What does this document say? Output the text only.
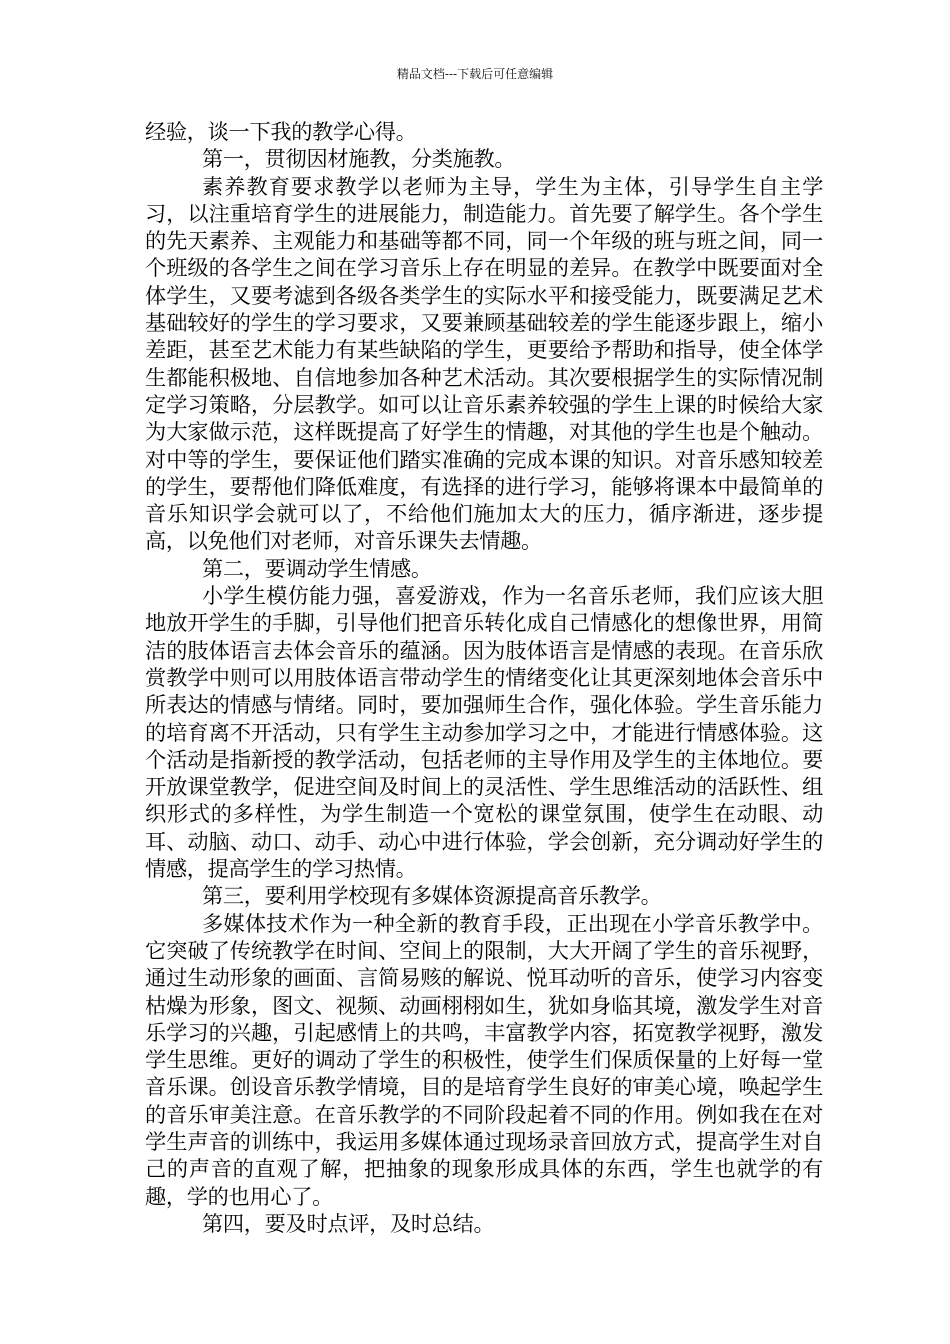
精品文档---下载后可任意编辑

经验，谈一下我的教学心得。

第一，贯彻因材施教，分类施教。

素养教育要求教学以老师为主导，学生为主体，引导学生自主学习，以注重培育学生的进展能力，制造能力。首先要了解学生。各个学生的先天素养、主观能力和基础等都不同，同一个年级的班与班之间，同一个班级的各学生之间在学习音乐上存在明显的差异。在教学中既要面对全体学生，又要考滤到各级各类学生的实际水平和接受能力，既要满足艺术基础较好的学生的学习要求，又要兼顾基础较差的学生能逐步跟上，缩小差距，甚至艺术能力有某些缺陷的学生，更要给予帮助和指导，使全体学生都能积极地、自信地参加各种艺术活动。其次要根据学生的实际情况制定学习策略，分层教学。如可以让音乐素养较强的学生上课的时候给大家为大家做示范，这样既提高了好学生的情趣，对其他的学生也是个触动。对中等的学生，要保证他们踏实准确的完成本课的知识。对音乐感知较差的学生，要帮他们降低难度，有选择的进行学习，能够将课本中最简单的音乐知识学会就可以了，不给他们施加太大的压力，循序渐进，逐步提高，以免他们对老师，对音乐课失去情趣。

第二，要调动学生情感。

小学生模仿能力强，喜爱游戏，作为一名音乐老师，我们应该大胆地放开学生的手脚，引导他们把音乐转化成自己情感化的想像世界，用简洁的肢体语言去体会音乐的蕴涵。因为肢体语言是情感的表现。在音乐欣赏教学中则可以用肢体语言带动学生的情绪变化让其更深刻地体会音乐中所表达的情感与情绪。同时，要加强师生合作，强化体验。学生音乐能力的培育离不开活动，只有学生主动参加学习之中，才能进行情感体验。这个活动是指新授的教学活动，包括老师的主导作用及学生的主体地位。要开放课堂教学，促进空间及时间上的灵活性、学生思维活动的活跃性、组织形式的多样性，为学生制造一个宽松的课堂氛围，使学生在动眼、动耳、动脑、动口、动手、动心中进行体验，学会创新，充分调动好学生的情感，提高学生的学习热情。

第三，要利用学校现有多媒体资源提高音乐教学。

多媒体技术作为一种全新的教育手段，正出现在小学音乐教学中。它突破了传统教学在时间、空间上的限制，大大开阔了学生的音乐视野，通过生动形象的画面、言简易赅的解说、悦耳动听的音乐，使学习内容变枯燥为形象，图文、视频、动画栩栩如生，犹如身临其境，激发学生对音乐学习的兴趣，引起感情上的共鸣，丰富教学内容，拓宽教学视野，激发学生思维。更好的调动了学生的积极性，使学生们保质保量的上好每一堂音乐课。创设音乐教学情境，目的是培育学生良好的审美心境，唤起学生的音乐审美注意。在音乐教学的不同阶段起着不同的作用。例如我在在对学生声音的训练中，我运用多媒体通过现场录音回放方式，提高学生对自己的声音的直观了解，把抽象的现象形成具体的东西，学生也就学的有趣，学的也用心了。

第四，要及时点评，及时总结。
